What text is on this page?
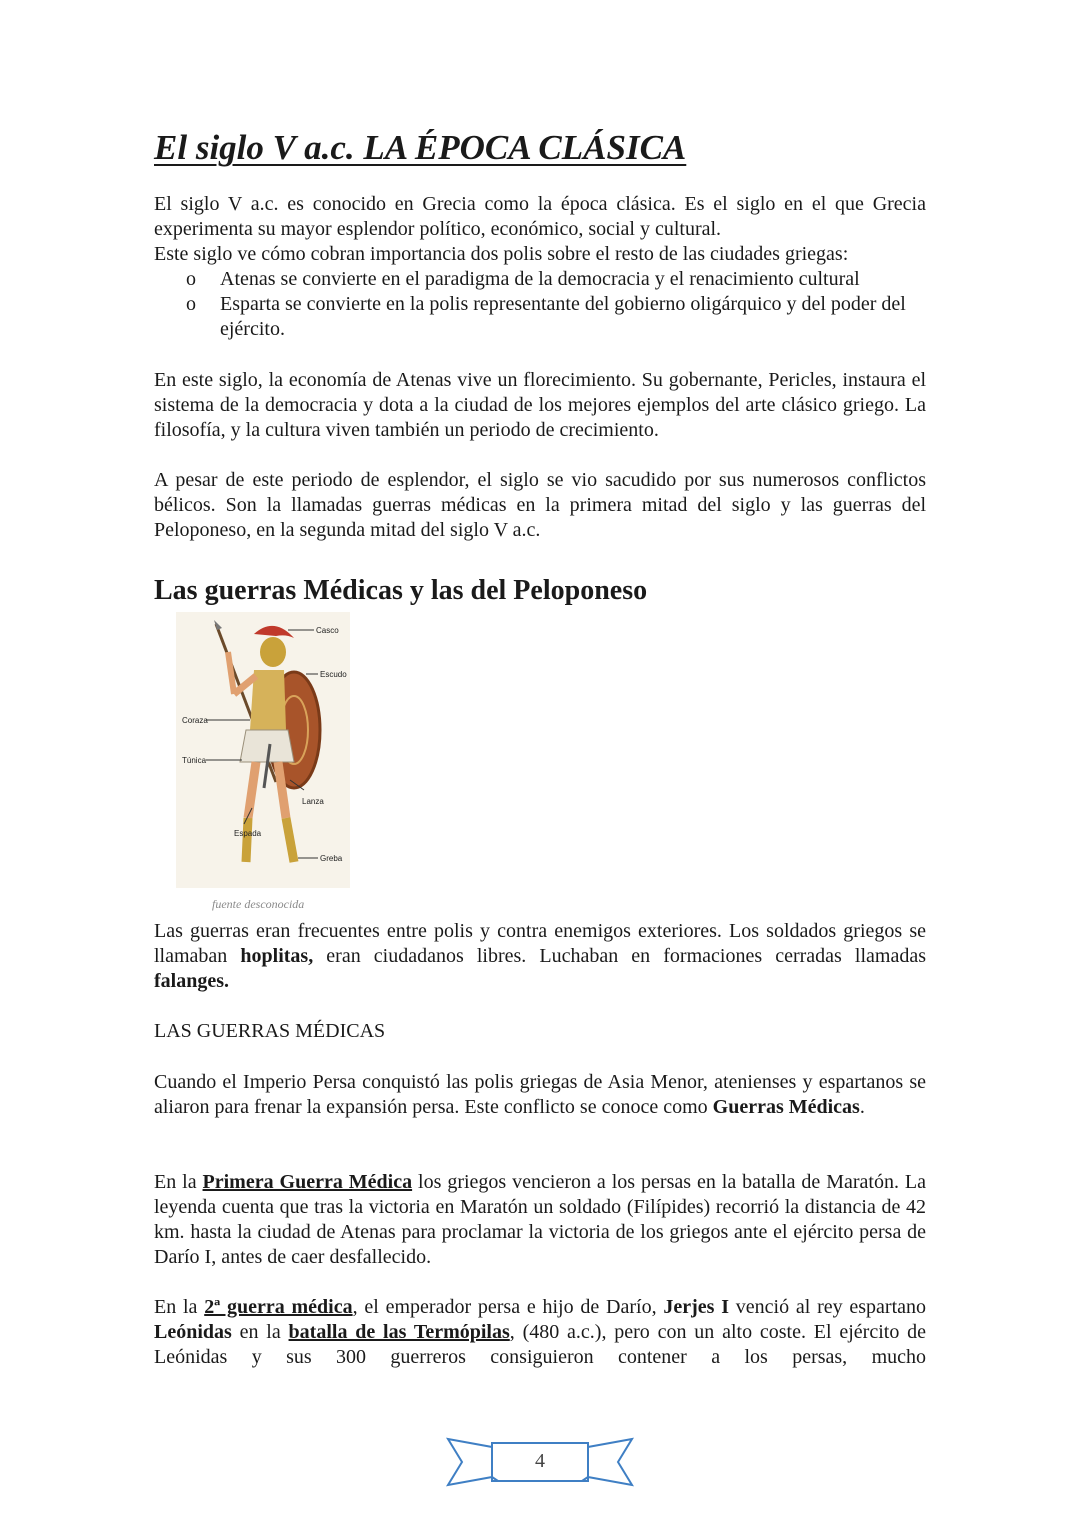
El siglo V a.c. LA ÉPOCA CLÁSICA

El siglo V a.c. es conocido en Grecia como la época clásica. Es el siglo en el que Grecia experimenta su mayor esplendor político, económico, social y cultural.

Este siglo ve cómo cobran importancia dos polis sobre el resto de las ciudades griegas:

o Atenas se convierte en el paradigma de la democracia y el renacimiento cultural
o Esparta se convierte en la polis representante del gobierno oligárquico y del poder del ejército.

En este siglo, la economía de Atenas vive un florecimiento. Su gobernante, Pericles, instaura el sistema de la democracia y dota a la ciudad de los mejores ejemplos del arte clásico griego. La filosofía, y la cultura viven también un periodo de crecimiento.

A pesar de este periodo de esplendor, el siglo se vio sacudido por sus numerosos conflictos bélicos. Son la llamadas guerras médicas en la primera mitad del siglo y las guerras del Peloponeso, en la segunda mitad del siglo V a.c.

Las guerras Médicas y las del Peloponeso
Casco
Escudo
Coraza
Túnica
Lanza
Espada
Greba
fuente desconocida

Las guerras eran frecuentes entre polis y contra enemigos exteriores. Los soldados griegos se llamaban hoplitas, eran ciudadanos libres. Luchaban en formaciones cerradas llamadas falanges.

LAS GUERRAS MÉDICAS

Cuando el Imperio Persa conquistó las polis griegas de Asia Menor, atenienses y espartanos se aliaron para frenar la expansión persa. Este conflicto se conoce como Guerras Médicas.

En la Primera Guerra Médica los griegos vencieron a los persas en la batalla de Maratón. La leyenda cuenta que tras la victoria en Maratón un soldado (Filípides) recorrió la distancia de 42 km. hasta la ciudad de Atenas para proclamar la victoria de los griegos ante el ejército persa de Darío I, antes de caer desfallecido.

En la 2ª guerra médica, el emperador persa e hijo de Darío, Jerjes I venció al rey espartano Leónidas en la batalla de las Termópilas, (480 a.c.), pero con un alto coste. El ejército de Leónidas y sus 300 guerreros consiguieron contener a los persas, mucho

4
